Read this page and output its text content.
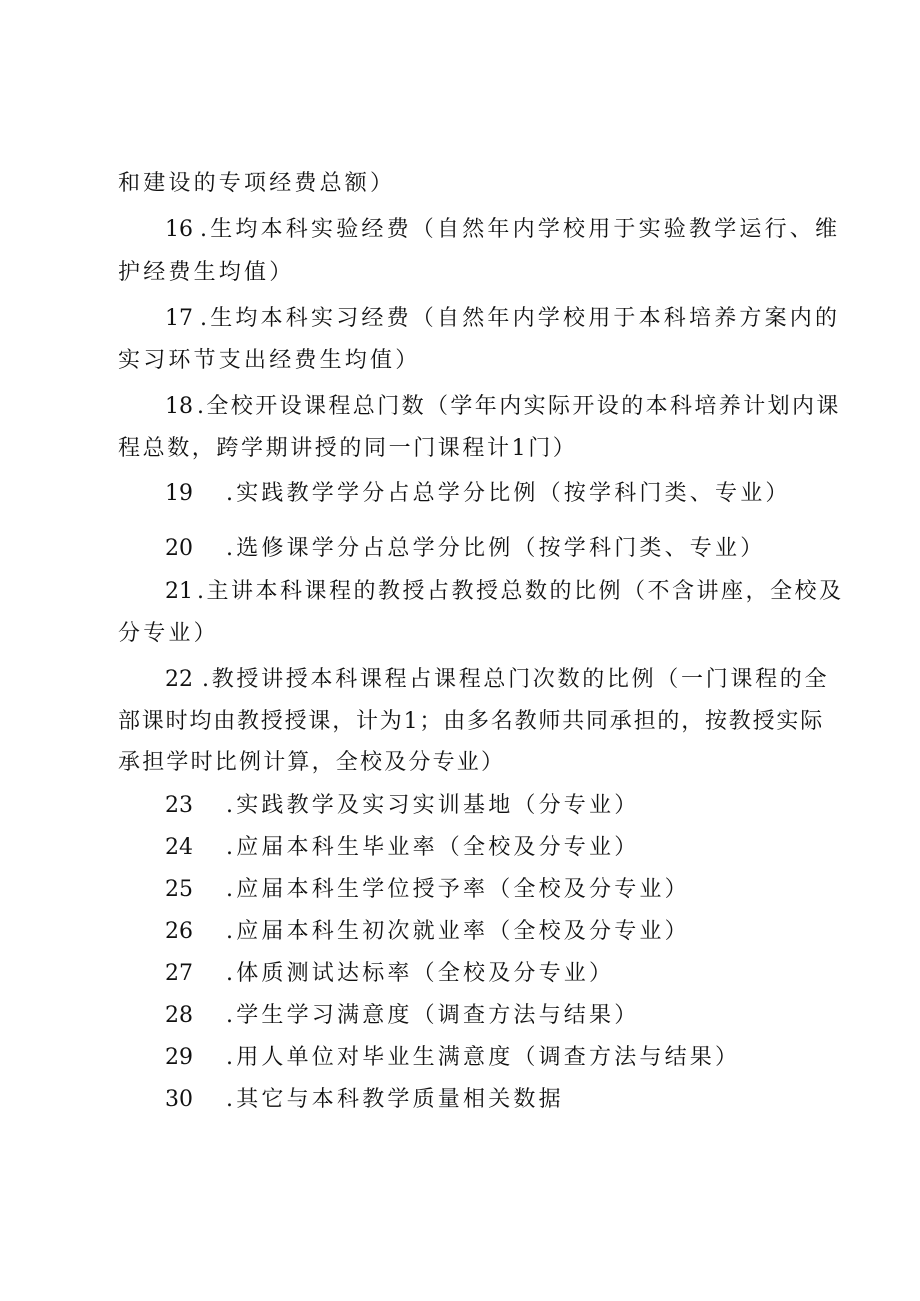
和建设的专项经费总额）
16 .生均本科实验经费（自然年内学校用于实验教学运行、维
护经费生均值）
17 .生均本科实习经费（自然年内学校用于本科培养方案内的
实习环节支出经费生均值）
18 .全校开设课程总门数（学年内实际开设的本科培养计划内课
程总数，跨学期讲授的同一门课程计1门）
19 .实践教学学分占总学分比例（按学科门类、专业）
20 .选修课学分占总学分比例（按学科门类、专业）
21 .主讲本科课程的教授占教授总数的比例（不含讲座，全校及
分专业）
22 .教授讲授本科课程占课程总门次数的比例（一门课程的全
部课时均由教授授课，计为1；由多名教师共同承担的，按教授实际
承担学时比例计算，全校及分专业）
23 .实践教学及实习实训基地（分专业）
24 .应届本科生毕业率（全校及分专业）
25 .应届本科生学位授予率（全校及分专业）
26 .应届本科生初次就业率（全校及分专业）
27 .体质测试达标率（全校及分专业）
28 .学生学习满意度（调查方法与结果）
29 .用人单位对毕业生满意度（调查方法与结果）
30 .其它与本科教学质量相关数据
